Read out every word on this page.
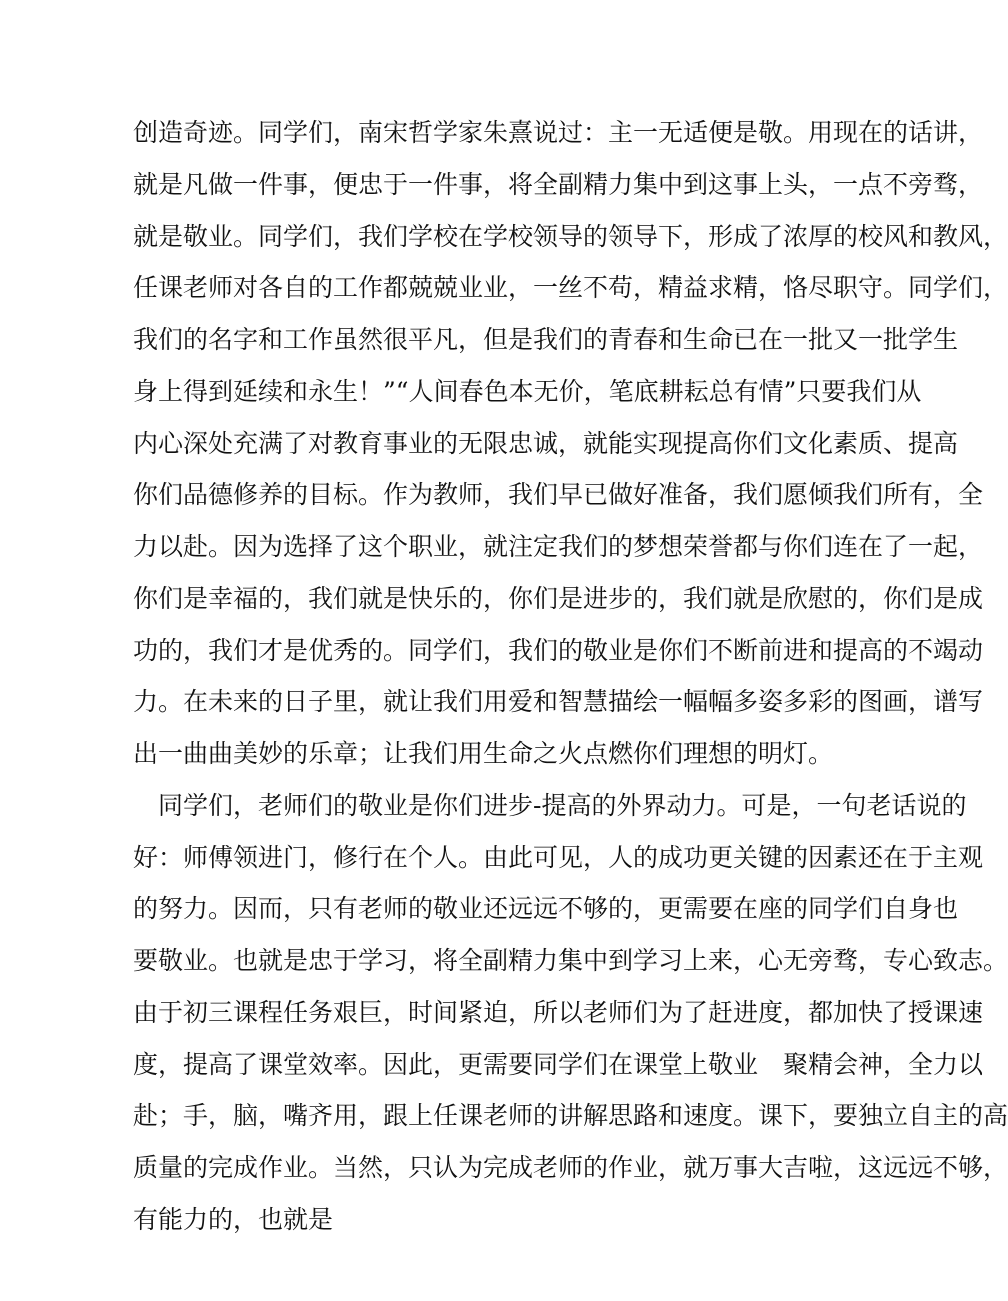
创造奇迹。同学们，南宋哲学家朱熹说过：主一无适便是敬。用现在的话讲，
就是凡做一件事，便忠于一件事，将全副精力集中到这事上头，一点不旁骛，
就是敬业。同学们，我们学校在学校领导的领导下，形成了浓厚的校风和教风，
任课老师对各自的工作都兢兢业业，一丝不苟，精益求精，恪尽职守。同学们，
我们的名字和工作虽然很平凡，但是我们的青春和生命已在一批又一批学生
身上得到延续和永生！”“人间春色本无价，笔底耕耘总有情”只要我们从
内心深处充满了对教育事业的无限忠诚，就能实现提高你们文化素质、提高
你们品德修养的目标。作为教师，我们早已做好准备，我们愿倾我们所有，全
力以赴。因为选择了这个职业，就注定我们的梦想荣誉都与你们连在了一起，
你们是幸福的，我们就是快乐的，你们是进步的，我们就是欣慰的，你们是成
功的，我们才是优秀的。同学们，我们的敬业是你们不断前进和提高的不竭动
力。在未来的日子里，就让我们用爱和智慧描绘一幅幅多姿多彩的图画，谱写
出一曲曲美妙的乐章；让我们用生命之火点燃你们理想的明灯。
同学们，老师们的敬业是你们进步-提高的外界动力。可是，一句老话说的
好：师傅领进门，修行在个人。由此可见，人的成功更关键的因素还在于主观
的努力。因而，只有老师的敬业还远远不够的，更需要在座的同学们自身也
要敬业。也就是忠于学习，将全副精力集中到学习上来，心无旁骛，专心致志。
由于初三课程任务艰巨，时间紧迫，所以老师们为了赶进度，都加快了授课速
度，提高了课堂效率。因此，更需要同学们在课堂上敬业　聚精会神，全力以
赴；手，脑，嘴齐用，跟上任课老师的讲解思路和速度。课下，要独立自主的高
质量的完成作业。当然，只认为完成老师的作业，就万事大吉啦，这远远不够，
有能力的，也就是
